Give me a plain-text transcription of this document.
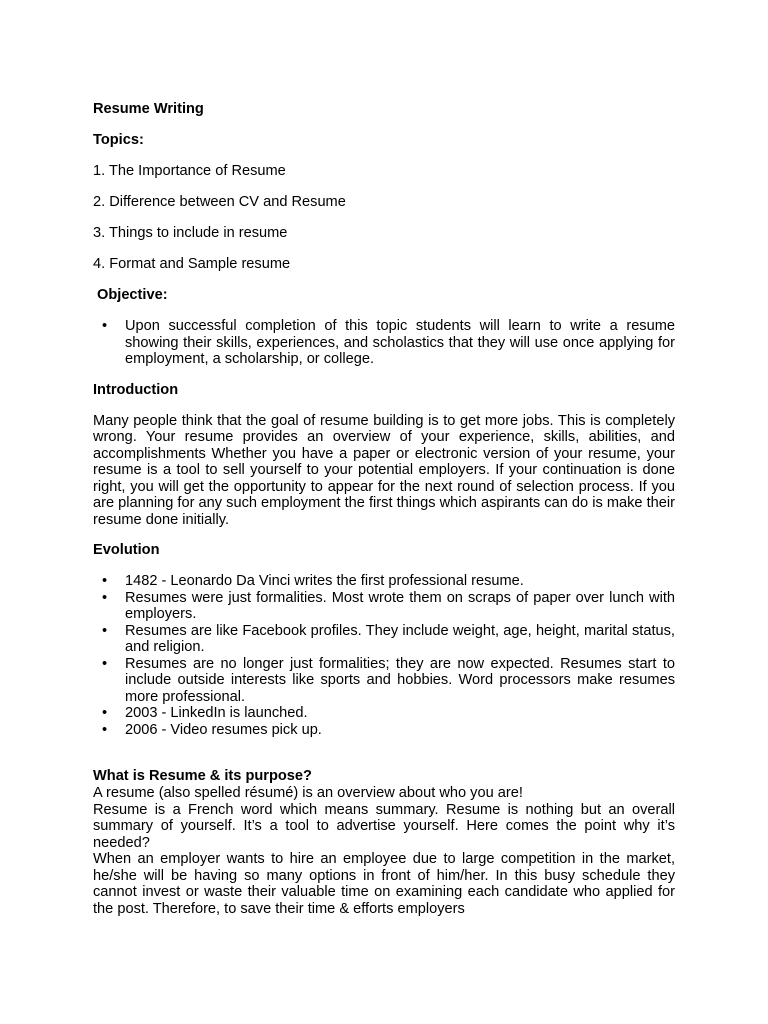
Resume Writing

Topics:

1. The Importance of Resume

2. Difference between CV and Resume

3. Things to include in resume

4. Format and Sample resume

Objective:

• Upon successful completion of this topic students will learn to write a resume showing their skills, experiences, and scholastics that they will use once applying for employment, a scholarship, or college.

Introduction

Many people think that the goal of resume building is to get more jobs. This is completely wrong. Your resume provides an overview of your experience, skills, abilities, and accomplishments Whether you have a paper or electronic version of your resume, your resume is a tool to sell yourself to your potential employers. If your continuation is done right, you will get the opportunity to appear for the next round of selection process. If you are planning for any such employment the first things which aspirants can do is make their resume done initially.

Evolution

• 1482 - Leonardo Da Vinci writes the first professional resume.
• Resumes were just formalities. Most wrote them on scraps of paper over lunch with employers.
• Resumes are like Facebook profiles. They include weight, age, height, marital status, and religion.
• Resumes are no longer just formalities; they are now expected. Resumes start to include outside interests like sports and hobbies. Word processors make resumes more professional.
• 2003 - LinkedIn is launched.
• 2006 - Video resumes pick up.

What is Resume & its purpose?

A resume (also spelled résumé) is an overview about who you are!

Resume is a French word which means summary. Resume is nothing but an overall summary of yourself. It’s a tool to advertise yourself. Here comes the point why it’s needed?

When an employer wants to hire an employee due to large competition in the market, he/she will be having so many options in front of him/her. In this busy schedule they cannot invest or waste their valuable time on examining each candidate who applied for the post. Therefore, to save their time & efforts employers
